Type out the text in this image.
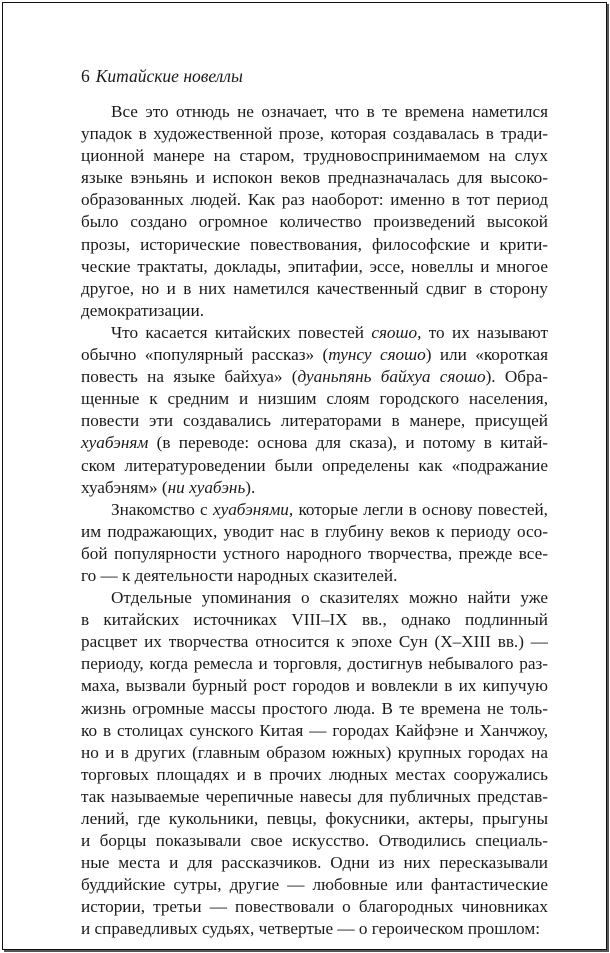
6 Китайские новеллы
Все это отнюдь не означает, что в те времена наметился
упадок в художественной прозе, которая создавалась в тради-
ционной манере на старом, трудновоспринимаемом на слух
языке вэньянь и испокон веков предназначалась для высоко-
образованных людей. Как раз наоборот: именно в тот период
было создано огромное количество произведений высокой
прозы, исторические повествования, философские и крити-
ческие трактаты, доклады, эпитафии, эссе, новеллы и многое
другое, но и в них наметился качественный сдвиг в сторону
демократизации.
Что касается китайских повестей сяошо, то их называют
обычно «популярный рассказ» (тунсу сяошо) или «короткая
повесть на языке байхуа» (дуаньпянь байхуа сяошо). Обра-
щенные к средним и низшим слоям городского населения,
повести эти создавались литераторами в манере, присущей
хуабэням (в переводе: основа для сказа), и потому в китай-
ском литературоведении были определены как «подражание
хуабэням» (ни хуабэнь).
Знакомство с хуабэнями, которые легли в основу повестей,
им подражающих, уводит нас в глубину веков к периоду осо-
бой популярности устного народного творчества, прежде все-
го — к деятельности народных сказителей.
Отдельные упоминания о сказителях можно найти уже
в китайских источниках VIII–IX вв., однако подлинный
расцвет их творчества относится к эпохе Сун (X–XIII вв.) —
периоду, когда ремесла и торговля, достигнув небывалого раз-
маха, вызвали бурный рост городов и вовлекли в их кипучую
жизнь огромные массы простого люда. В те времена не толь-
ко в столицах сунского Китая — городах Кайфэне и Ханчжоу,
но и в других (главным образом южных) крупных городах на
торговых площадях и в прочих людных местах сооружались
так называемые черепичные навесы для публичных представ-
лений, где кукольники, певцы, фокусники, актеры, прыгуны
и борцы показывали свое искусство. Отводились специаль-
ные места и для рассказчиков. Одни из них пересказывали
буддийские сутры, другие — любовные или фантастические
истории, третьи — повествовали о благородных чиновниках
и справедливых судьях, четвертые — о героическом прошлом:
